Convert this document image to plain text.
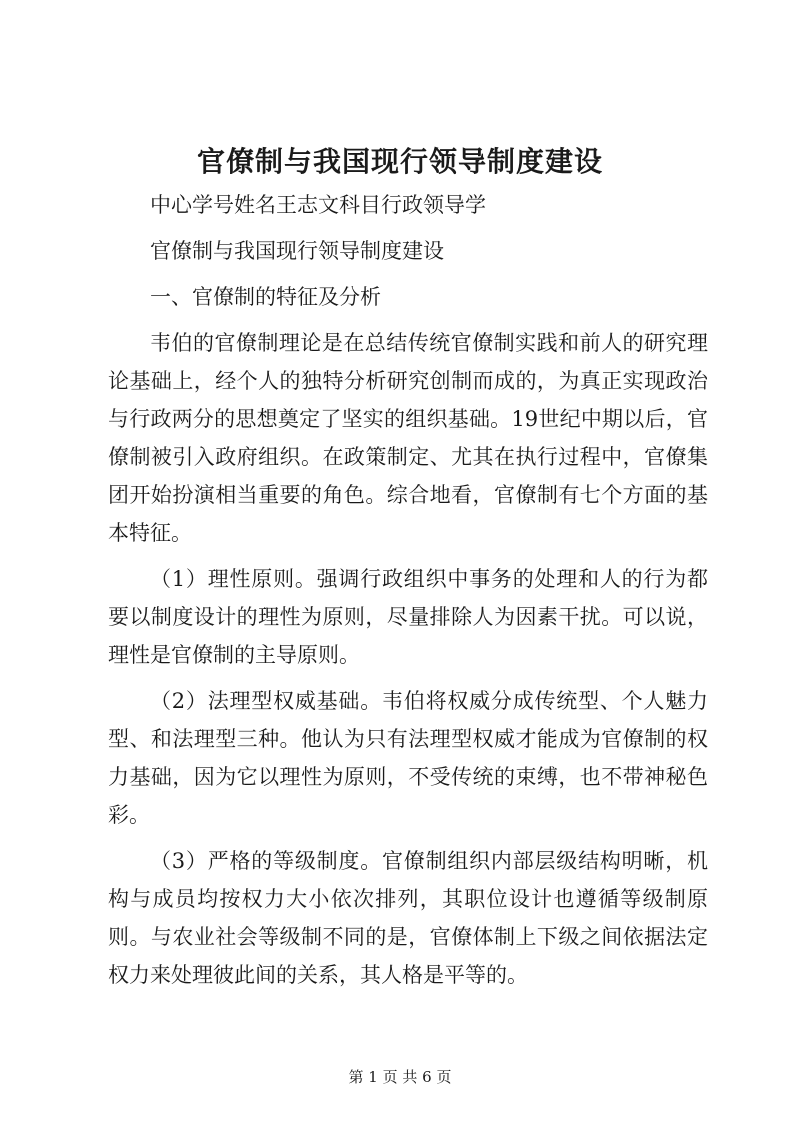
官僚制与我国现行领导制度建设

中心学号姓名王志文科目行政领导学

官僚制与我国现行领导制度建设

一、官僚制的特征及分析

韦伯的官僚制理论是在总结传统官僚制实践和前人的研究理论基础上，经个人的独特分析研究创制而成的，为真正实现政治与行政两分的思想奠定了坚实的组织基础。19世纪中期以后，官僚制被引入政府组织。在政策制定、尤其在执行过程中，官僚集团开始扮演相当重要的角色。综合地看，官僚制有七个方面的基本特征。

（1）理性原则。强调行政组织中事务的处理和人的行为都要以制度设计的理性为原则，尽量排除人为因素干扰。可以说，理性是官僚制的主导原则。

（2）法理型权威基础。韦伯将权威分成传统型、个人魅力型、和法理型三种。他认为只有法理型权威才能成为官僚制的权力基础，因为它以理性为原则，不受传统的束缚，也不带神秘色彩。

（3）严格的等级制度。官僚制组织内部层级结构明晰，机构与成员均按权力大小依次排列，其职位设计也遵循等级制原则。与农业社会等级制不同的是，官僚体制上下级之间依据法定权力来处理彼此间的关系，其人格是平等的。

第 1 页 共 6 页
